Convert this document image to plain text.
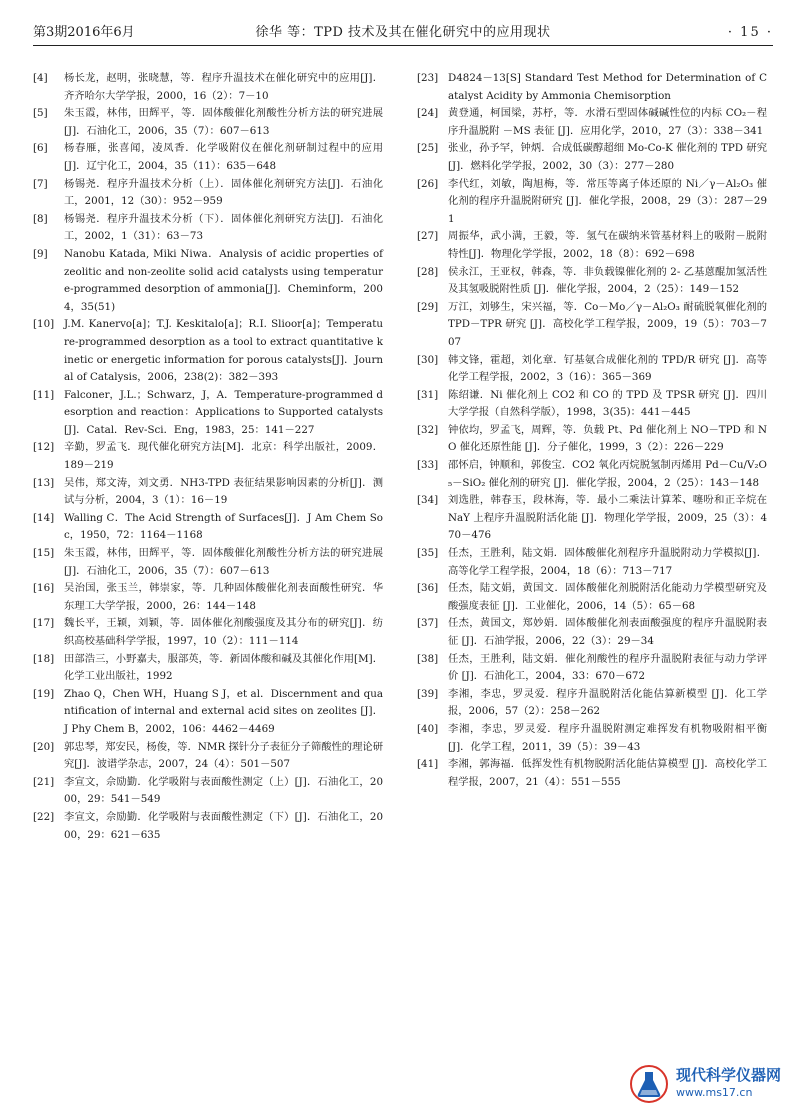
第3期2016年6月	徐华 等：TPD 技术及其在催化研究中的应用现状	· 15 ·
[4]	杨长龙，赵明，张晓慧，等．程序升温技术在催化研究中的应用[J]．齐齐哈尔大学学报，2000，16（2）：7－10
[5]	朱玉霞，林伟，田辉平，等．固体酸催化剂酸性分析方法的研究进展[J]．石油化工，2006，35（7）：607－613
[6]	杨春雁，张喜闻，凌凤香．化学吸附仪在催化剂研制过程中的应用[J]．辽宁化工，2004，35（11）：635－648
[7]	杨锡尧．程序升温技术分析（上）．固体催化剂研究方法[J]．石油化工，2001，12（30）：952－959
[8]	杨锡尧．程序升温技术分析（下）．固体催化剂研究方法[J]．石油化工，2002，1（31）：63－73
[9]	Nanobu Katada, Miki Niwa．Analysis of acidic properties of zeolitic and non-zeolite solid acid catalysts using temperature-programmed desorption of ammonia[J]．Cheminform，2004，35(51)
[10] J.M. Kanervo[a]；T.J. Keskitalo[a]；R.I. Slioor[a]；Temperature-programmed desorption as a tool to extract quantitative kinetic or energetic information for porous catalysts[J]．Journal of Catalysis，2006，238(2)：382－393
[11] Falconer，J.L.；Schwarz，J，A．Temperature-programmed desorption and reaction：Applications to Supported catalysts[J]．Catal．Rev-Sci．Eng，1983，25：141－227
[12] 辛勤，罗孟飞．现代催化研究方法[M]．北京：科学出版社，2009．189－219
[13] 吴伟，郑文涛，刘文勇．NH3-TPD 表征结果影响因素的分析[J]．测试与分析，2004，3（1）：16－19
[14] Walling C．The Acid Strength of Surfaces[J]．J Am Chem Soc，1950，72：1164－1168
[15] 朱玉霞，林伟，田辉平，等．固体酸催化剂酸性分析方法的研究进展[J]．石油化工，2006，35（7）：607－613
[16] 吴治国，张玉兰，韩崇家，等．几种固体酸催化剂表面酸性研究．华东理工大学学报，2000，26：144－148
[17] 魏长平，王颖，刘颖，等．固体催化剂酸强度及其分布的研究[J]．纺织高校基础科学学报，1997，10（2）：111－114
[18] 田部浩三，小野嘉夫，服部英，等．新固体酸和碱及其催化作用[M]．化学工业出版社，1992
[19] Zhao Q，Chen WH，Huang S J，et al．Discernment and quantification of internal and external acid sites on zeolites [J]．J Phy Chem B，2002，106：4462－4469
[20] 郭忠琴，郑安民，杨俊，等．NMR 探针分子表征分子筛酸性的理论研究[J]．波谱学杂志，2007，24（4）：501－507
[21] 李宣文，佘励勤．化学吸附与表面酸性测定（上）[J]．石油化工，2000，29：541－549
[22] 李宣文，佘励勤．化学吸附与表面酸性测定（下）[J]．石油化工，2000，29：621－635
[23] D4824－13[S] Standard Test Method for Determination of Catalyst Acidity by Ammonia Chemisorption
[24] 黄登通，柯国梁，苏杼，等．水滑石型固体碱碱性位的内标 CO₂－程序升温脱附 －MS 表征 [J]．应用化学，2010，27（3）：338－341
[25] 张业，孙予罕，钟炳．合成低碳醇超细 Mo-Co-K 催化剂的 TPD 研究 [J]．燃料化学学报，2002，30（3）：277－280
[26] 李代红，刘敏，陶旭梅，等．常压等离子体还原的 Ni／γ－Al₂O₃ 催化剂的程序升温脱附研究 [J]．催化学报，2008，29（3）：287－291
[27] 周振华，武小满，王毅，等．氢气在碳纳米管基材料上的吸附－脱附特性[J]．物理化学学报，2002，18（8）：692－698
[28] 侯永江，王亚权，韩森，等．非负载镍催化剂的 2- 乙基蒽醌加氢活性及其氢吸脱附性质 [J]．催化学报，2004，2（25）：149－152
[29] 万江，刘够生，宋兴福，等．Co－Mo／γ－Al₂O₃ 耐硫脱氧催化剂的 TPD－TPR 研究 [J]．高校化学工程学报，2009，19（5）：703－707
[30] 韩文锋，霍超，刘化章．钌基氨合成催化剂的 TPD/R 研究 [J]．高等化学工程学报，2002，3（16）：365－369
[31] 陈绍谦．Ni 催化剂上 CO2 和 CO 的 TPD 及 TPSR 研究 [J]．四川大学学报（自然科学版），1998，3(35)：441－445
[32] 钟依均，罗孟飞，周辉，等．负载 Pt、Pd 催化剂上 NO－TPD 和 NO 催化还原性能 [J]．分子催化，1999，3（2）：226－229
[33] 邵怀启，钟顺和，郭俊宝．CO2 氧化丙烷脱氢制丙烯用 Pd－Cu/V₂O₅－SiO₂ 催化剂的研究 [J]．催化学报，2004，2（25）：143－148
[34] 刘选胜，韩春玉，段林海，等．最小二乘法计算苯、噻吩和正辛烷在 NaY 上程序升温脱附活化能 [J]．物理化学学报，2009，25（3）：470－476
[35] 任杰，王胜利，陆文娟．固体酸催化剂程序升温脱附动力学模拟[J]．高等化学工程学报，2004，18（6）：713－717
[36] 任杰，陆文娟，黄国文．固体酸催化剂脱附活化能动力学模型研究及酸强度表征 [J]．工业催化，2006，14（5）：65－68
[37] 任杰，黄国文，郑妙娟．固体酸催化剂表面酸强度的程序升温脱附表征 [J]．石油学报，2006，22（3）：29－34
[38] 任杰，王胜利，陆文娟．催化剂酸性的程序升温脱附表征与动力学评价 [J]．石油化工，2004，33：670－672
[39] 李湘，李忠，罗灵爱．程序升温脱附活化能估算新模型 [J]．化工学报，2006，57（2）：258－262
[40] 李湘，李忠，罗灵爱．程序升温脱附测定难挥发有机物吸附相平衡 [J]．化学工程，2011，39（5）：39－43
[41] 李湘，郭海福．低挥发性有机物脱附活化能估算模型 [J]．高校化学工程学报，2007，21（4）：551－555
现代科学仪器网
www.ms17.cn
